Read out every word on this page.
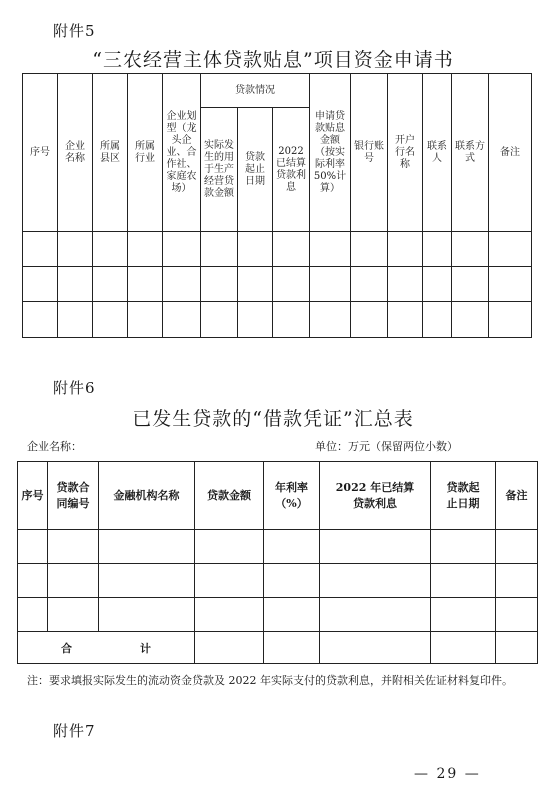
附件5
“三农经营主体贷款贴息”项目资金申请书
序号	企业名称	所属县区	所属行业	企业划型（龙头企业、合作社、家庭农场）	贷款情况			申请贷款贴息金额（按实际利率50%计算）	银行账号	开户行名称	联系人	联系方式	备注
					实际发生的用于生产经营贷款金额	贷款起止日期	2022已结算贷款利息						

附件6
已发生贷款的“借款凭证”汇总表
企业名称：	单位：万元（保留两位小数）
序号	贷款合同编号	金融机构名称	贷款金额	年利率（%）	2022 年已结算贷款利息	贷款起止日期	备注

合 计							
注：要求填报实际发生的流动资金贷款及 2022 年实际支付的贷款利息，并附相关佐证材料复印件。
附件7
— 29 —
